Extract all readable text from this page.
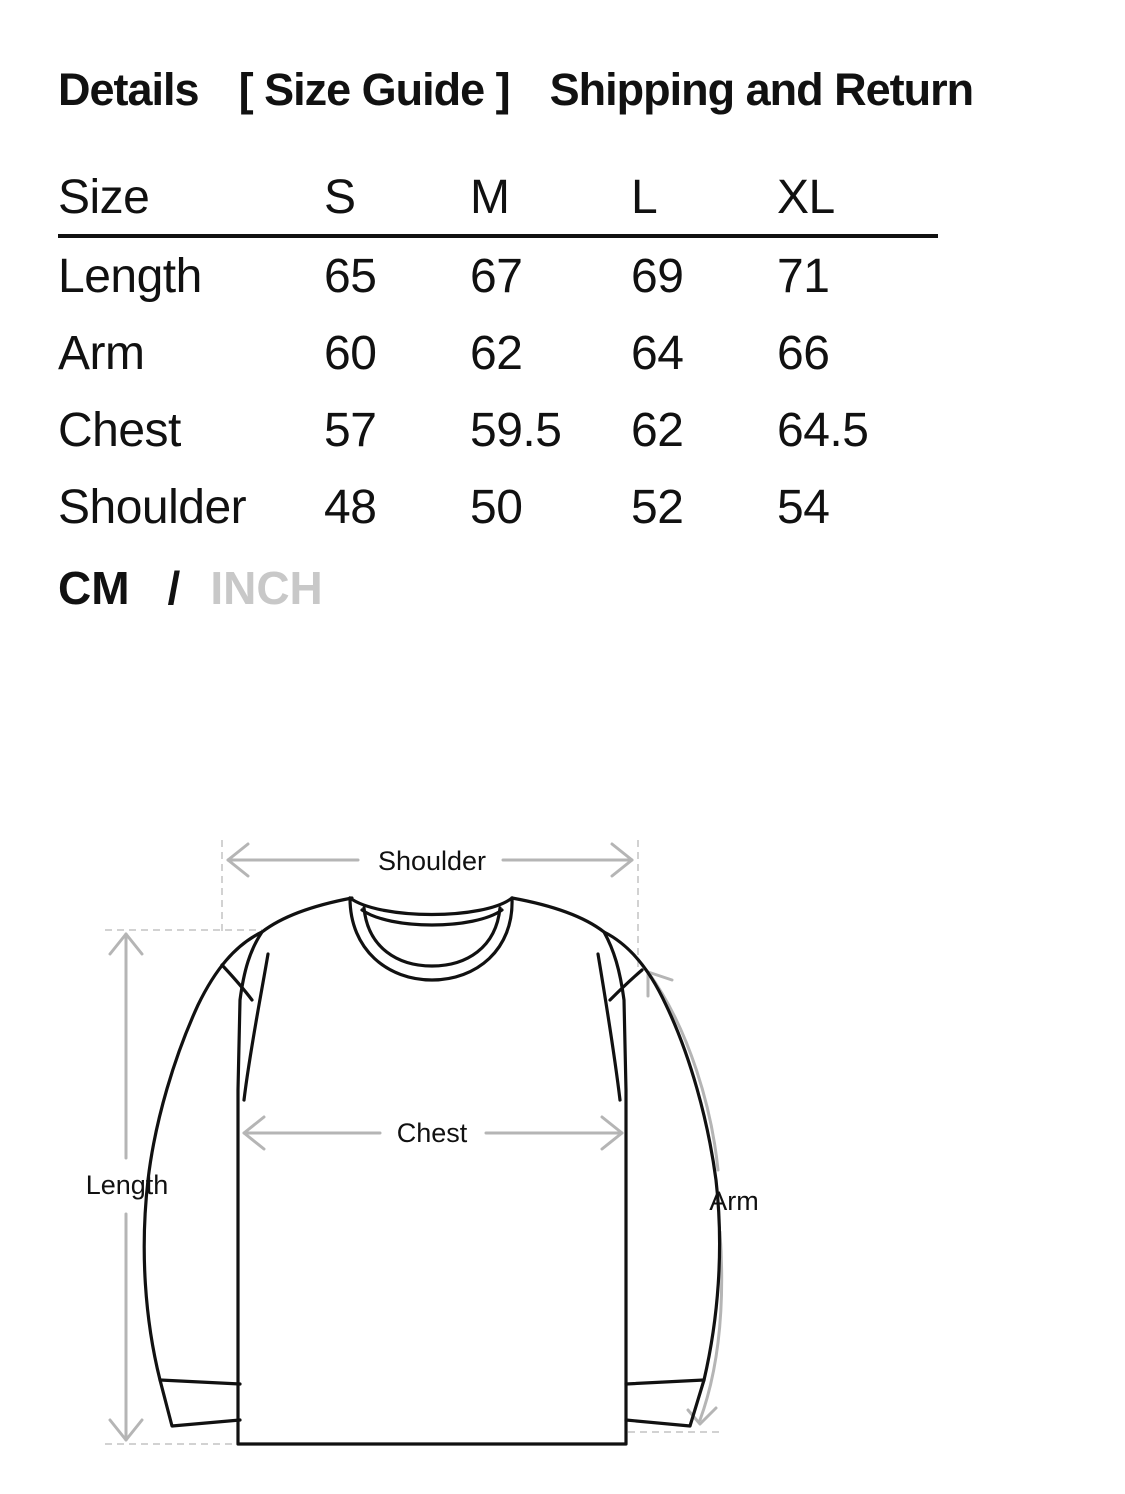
Details [ Size Guide ] Shipping and Return
Size	S	M	L	XL
Length	65	67	69	71
Arm	60	62	64	66
Chest	57	59.5	62	64.5
Shoulder	48	50	52	54
CM / INCH
Shoulder
Chest
Length
Arm
